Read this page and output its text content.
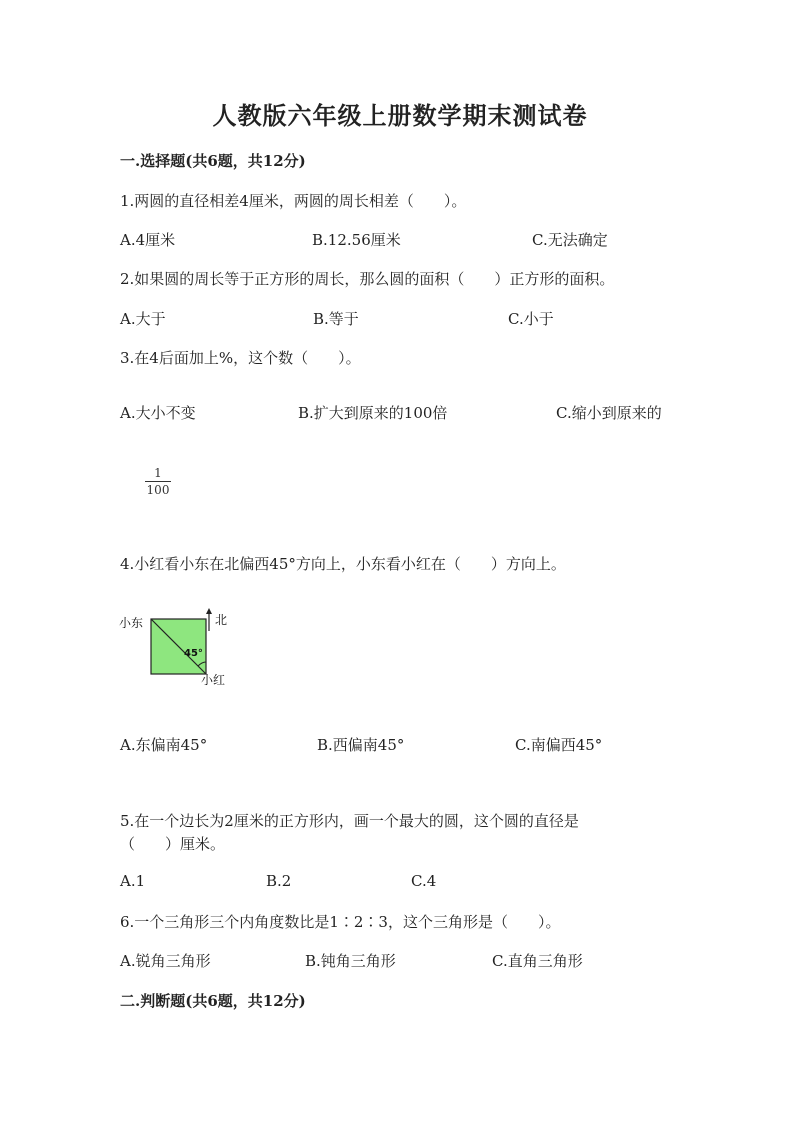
人教版六年级上册数学期末测试卷
一.选择题(共6题，共12分)
1.两圆的直径相差4厘米，两圆的周长相差（　　）。
A.4厘米	B.12.56厘米	C.无法确定
2.如果圆的周长等于正方形的周长，那么圆的面积（　　）正方形的面积。
A.大于	B.等于	C.小于
3.在4后面加上%，这个数（　　）。
A.大小不变	B.扩大到原来的100倍	C.缩小到原来的
1
100
4.小红看小东在北偏西45°方向上，小东看小红在（　　）方向上。
小东	北
45°
小红
A.东偏南45°	B.西偏南45°	C.南偏西45°
5.在一个边长为2厘米的正方形内，画一个最大的圆，这个圆的直径是
（　　）厘米。
A.1	B.2	C.4
6.一个三角形三个内角度数比是1∶2∶3，这个三角形是（　　）。
A.锐角三角形	B.钝角三角形	C.直角三角形
二.判断题(共6题，共12分)
